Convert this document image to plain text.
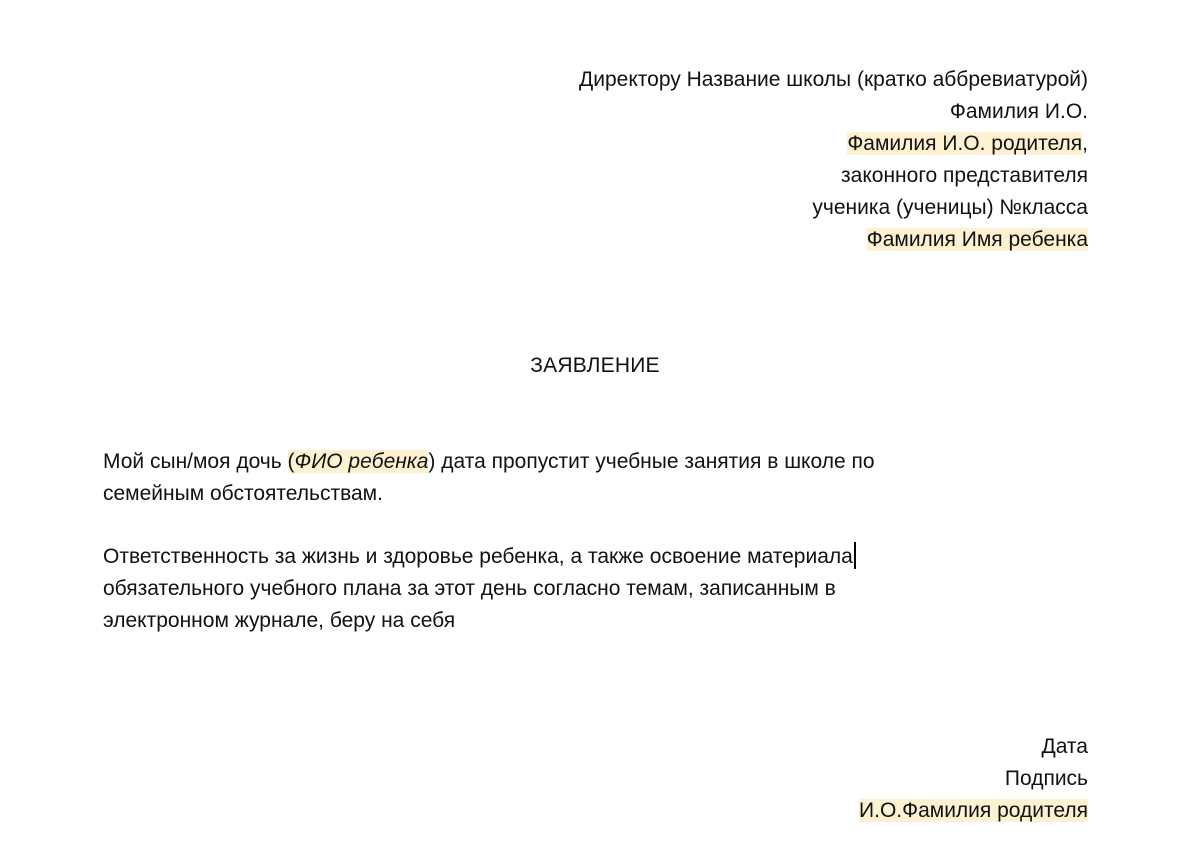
Директору Название школы (кратко аббревиатурой)
Фамилия И.О.
Фамилия И.О. родителя,
законного представителя
ученика (ученицы) №класса
Фамилия Имя ребенка
ЗАЯВЛЕНИЕ
Мой сын/моя дочь (ФИО ребенка) дата пропустит учебные занятия в школе по
семейным обстоятельствам.
Ответственность за жизнь и здоровье ребенка, а также освоение материала
обязательного учебного плана за этот день согласно темам, записанным в
электронном журнале, беру на себя
Дата
Подпись
И.О.Фамилия родителя
